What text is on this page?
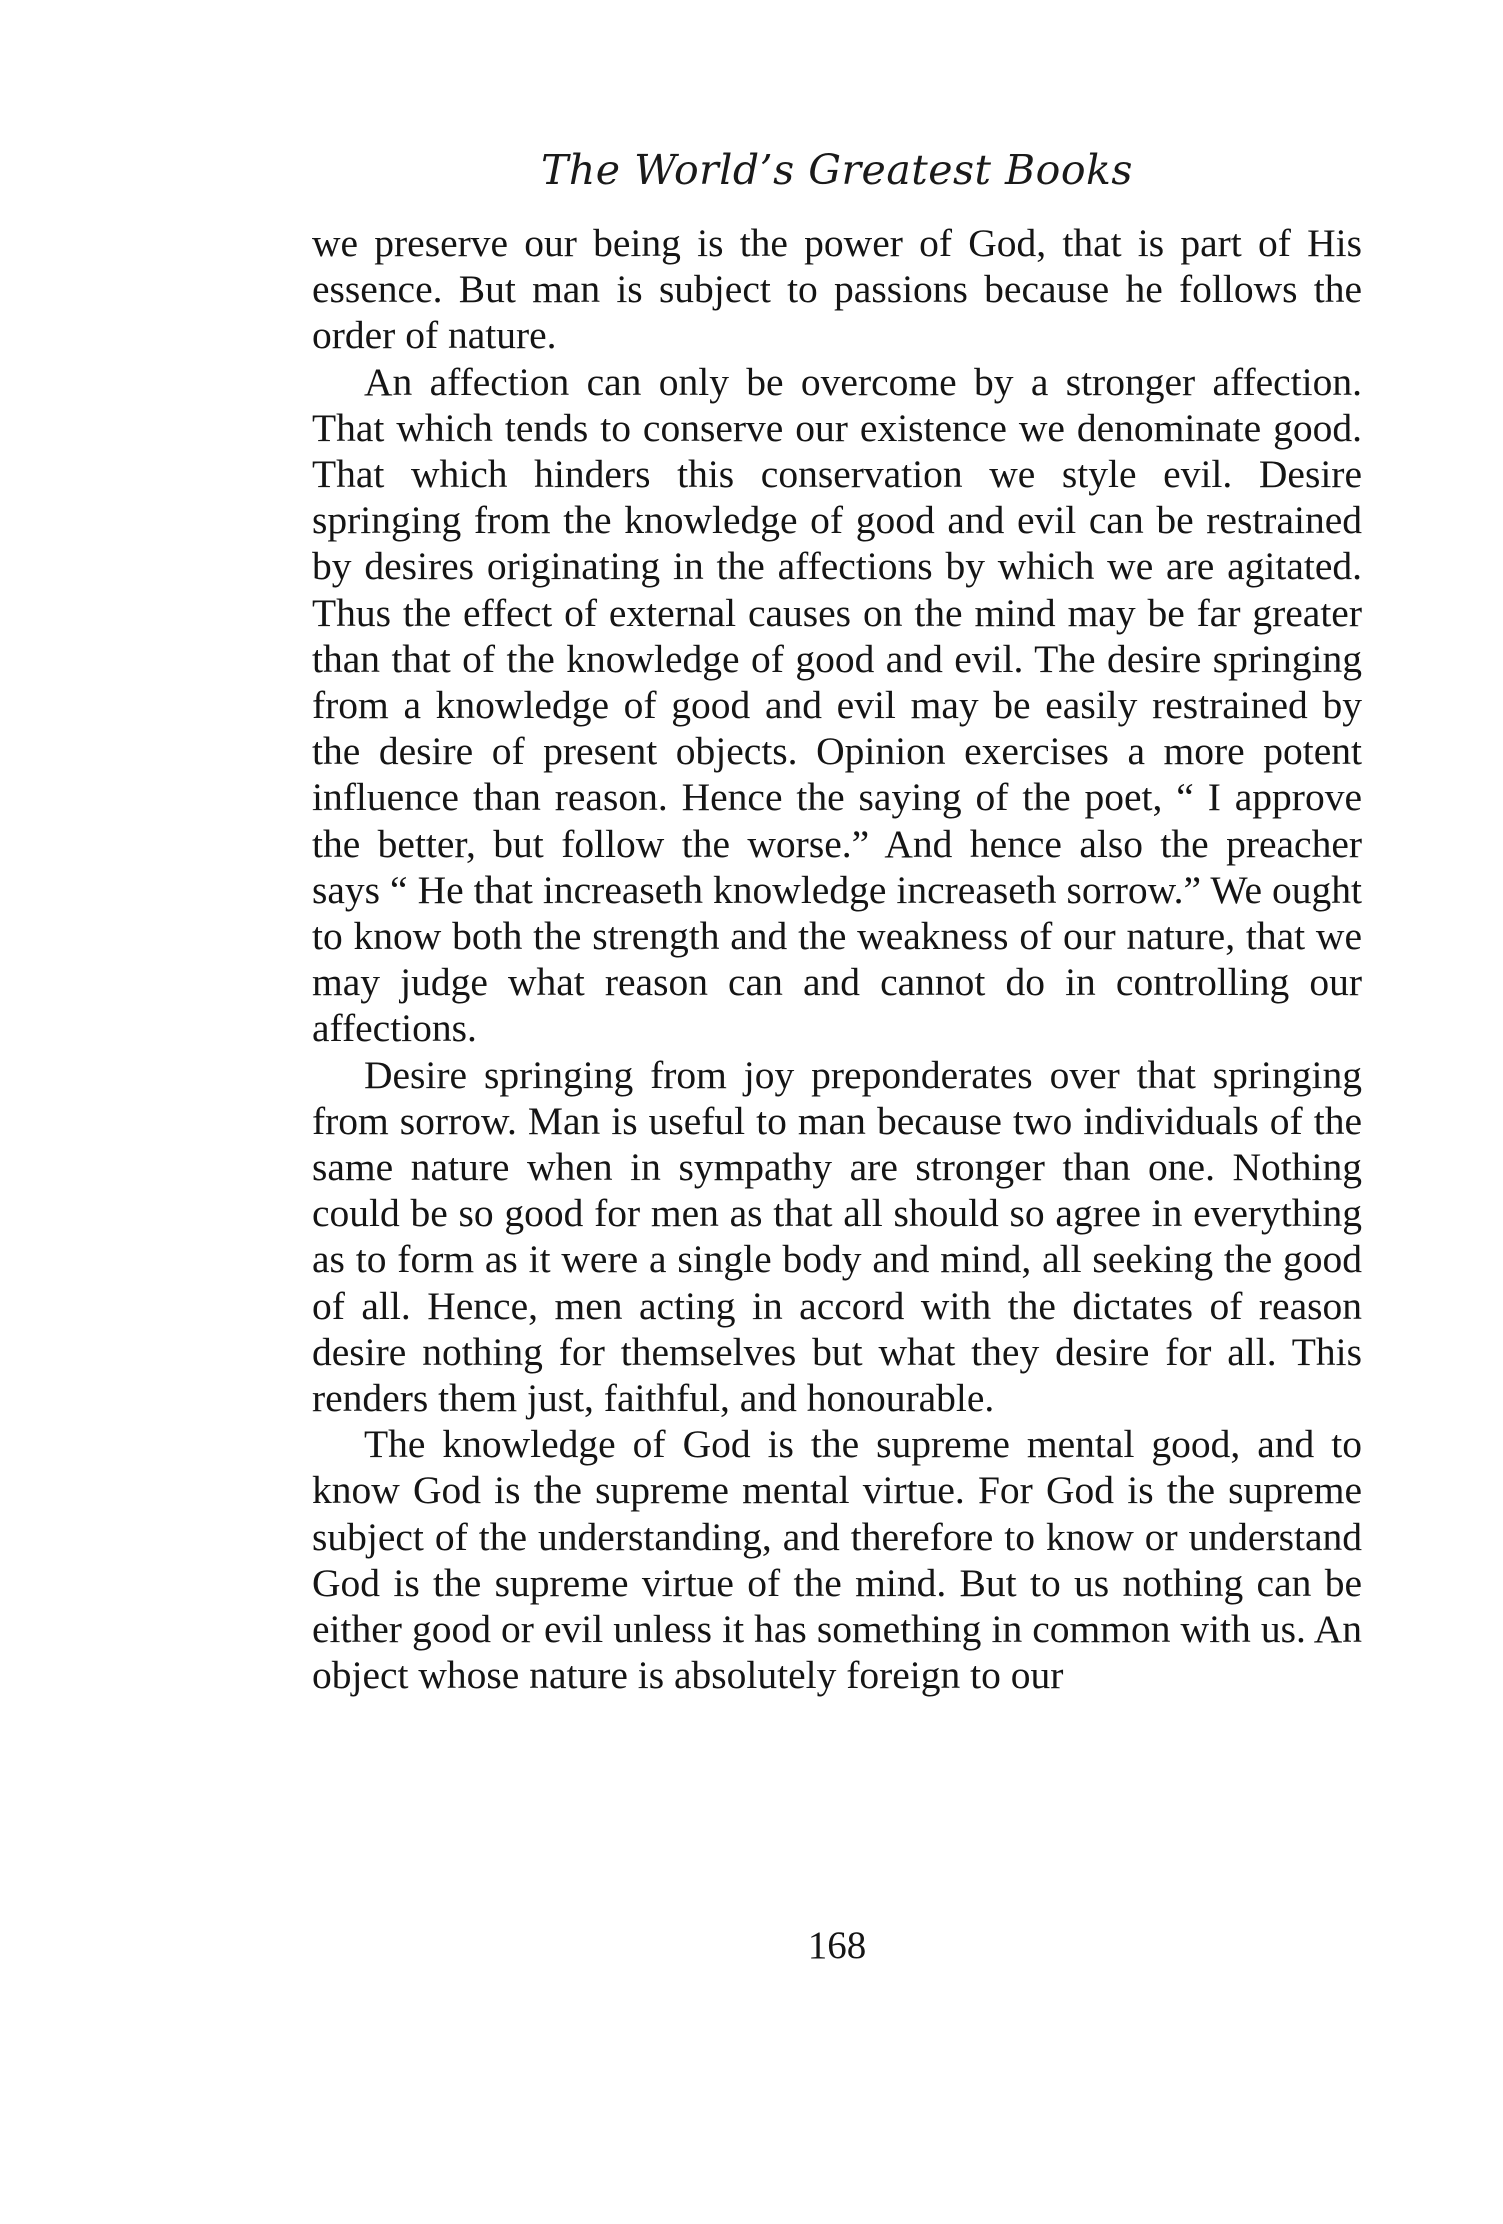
The World’s Greatest Books

we preserve our being is the power of God, that is part of His essence. But man is subject to passions because he follows the order of nature.

An affection can only be overcome by a stronger affection. That which tends to conserve our existence we denominate good. That which hinders this conservation we style evil. Desire springing from the knowledge of good and evil can be restrained by desires originating in the affections by which we are agitated. Thus the effect of external causes on the mind may be far greater than that of the knowledge of good and evil. The desire springing from a knowledge of good and evil may be easily restrained by the desire of present objects. Opinion exercises a more potent influence than reason. Hence the saying of the poet, “ I approve the better, but follow the worse.” And hence also the preacher says “ He that increaseth knowledge increaseth sorrow.” We ought to know both the strength and the weakness of our nature, that we may judge what reason can and cannot do in controlling our affections.

Desire springing from joy preponderates over that springing from sorrow. Man is useful to man because two individuals of the same nature when in sympathy are stronger than one. Nothing could be so good for men as that all should so agree in everything as to form as it were a single body and mind, all seeking the good of all. Hence, men acting in accord with the dictates of reason desire nothing for themselves but what they desire for all. This renders them just, faithful, and honourable.

The knowledge of God is the supreme mental good, and to know God is the supreme mental virtue. For God is the supreme subject of the understanding, and therefore to know or understand God is the supreme virtue of the mind. But to us nothing can be either good or evil unless it has something in common with us. An object whose nature is absolutely foreign to our

168
